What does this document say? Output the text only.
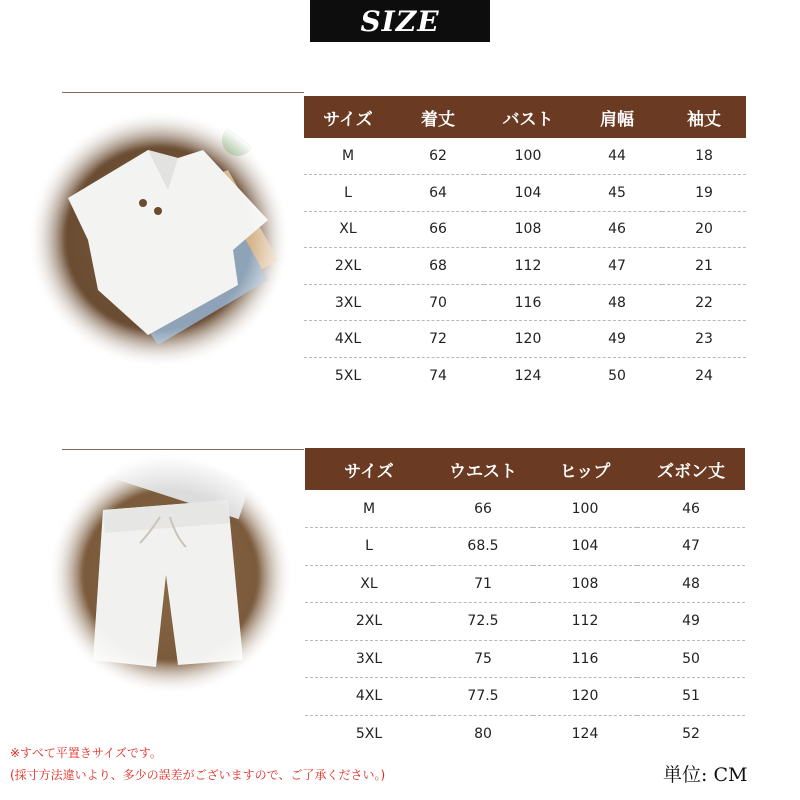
SIZE
サイズ	着丈	バスト	肩幅	袖丈
M	62	100	44	18
L	64	104	45	19
XL	66	108	46	20
2XL	68	112	47	21
3XL	70	116	48	22
4XL	72	120	49	23
5XL	74	124	50	24
サイズ	ウエスト	ヒップ	ズボン丈
M	66	100	46
L	68.5	104	47
XL	71	108	48
2XL	72.5	112	49
3XL	75	116	50
4XL	77.5	120	51
5XL	80	124	52
※すべて平置きサイズです。
(採寸方法違いより、多少の誤差がございますので、ご了承ください。)	単位: CM
